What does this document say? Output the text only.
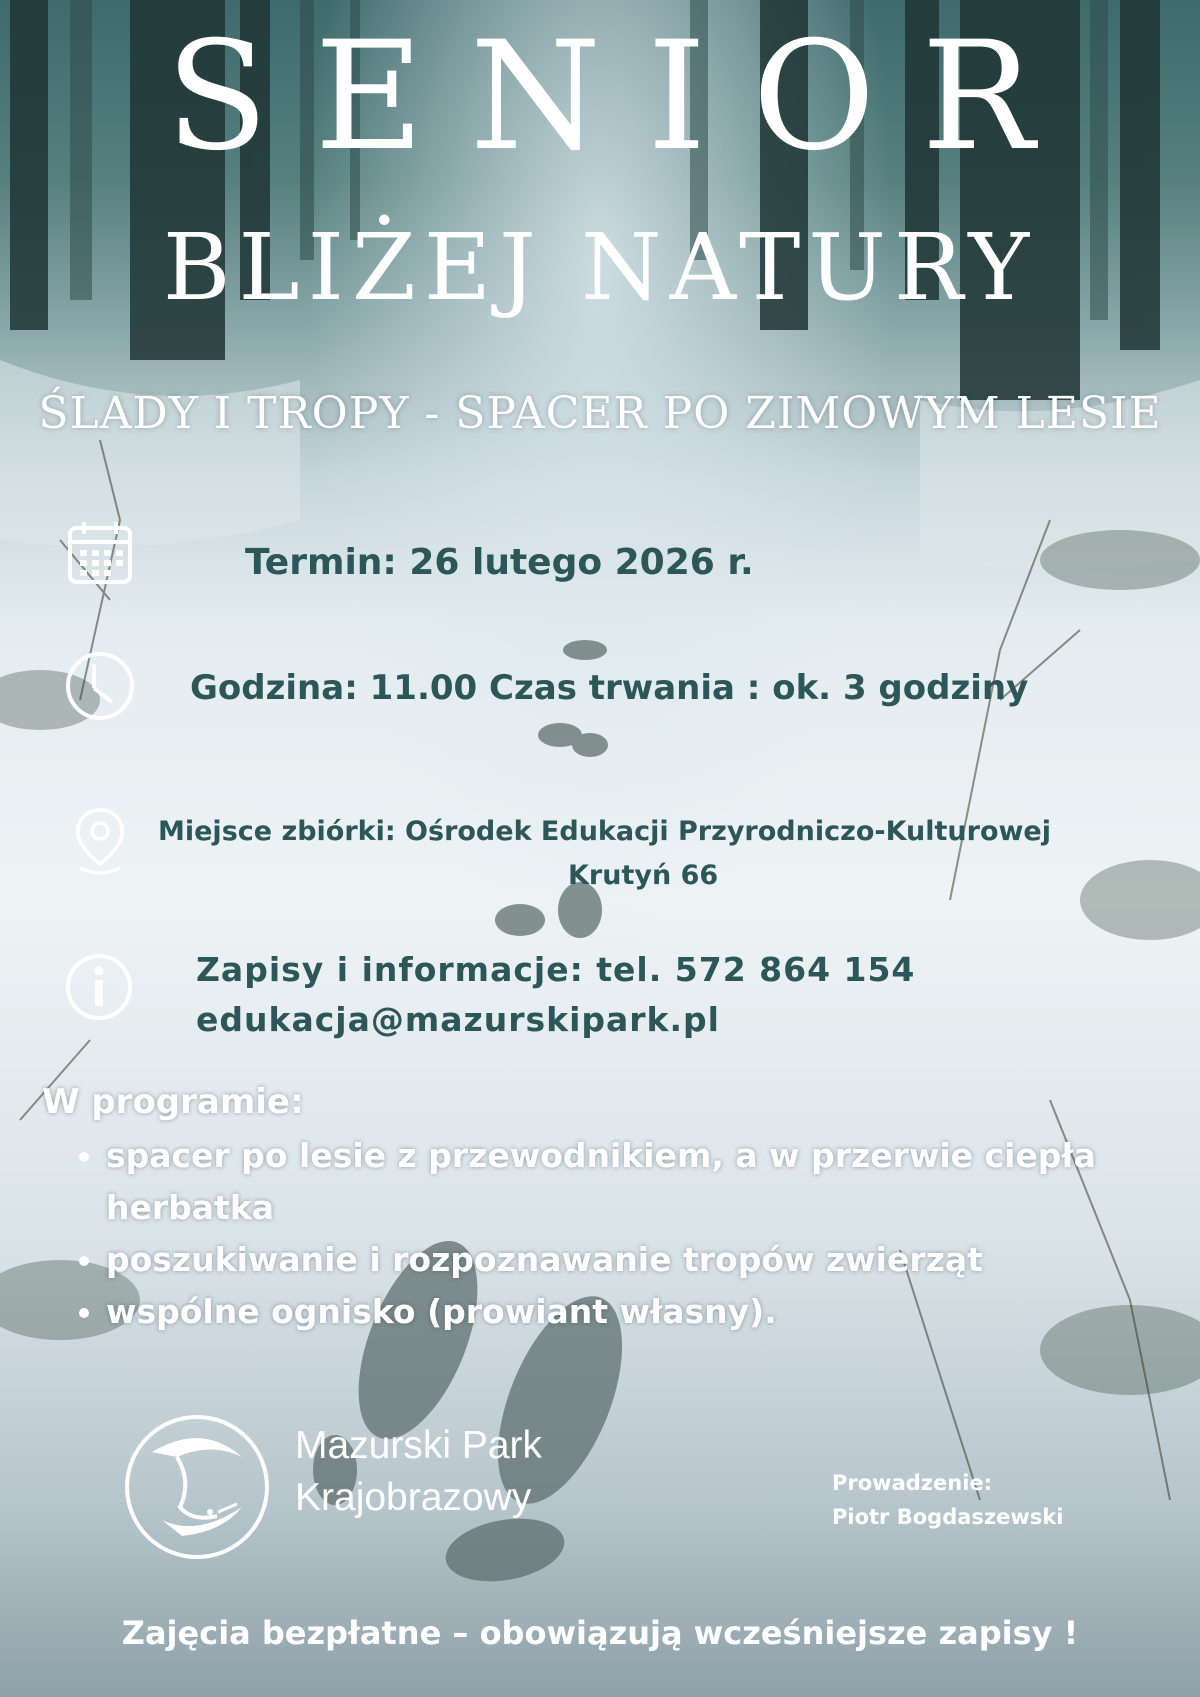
SENIOR
BLIŻEJ NATURY
ŚLADY I TROPY - SPACER PO ZIMOWYM LESIE
Termin: 26 lutego 2026 r.
Godzina: 11.00 Czas trwania : ok. 3 godziny
Miejsce zbiórki: Ośrodek Edukacji Przyrodniczo-Kulturowej
Krutyń 66
Zapisy i informacje: tel. 572 864 154
edukacja@mazurskipark.pl
W programie:
• spacer po lesie z przewodnikiem, a w przerwie ciepła herbatka
• poszukiwanie i rozpoznawanie tropów zwierząt
• wspólne ognisko (prowiant własny).
Mazurski Park
Krajobrazowy	Prowadzenie:
Piotr Bogdaszewski
Zajęcia bezpłatne – obowiązują wcześniejsze zapisy !
